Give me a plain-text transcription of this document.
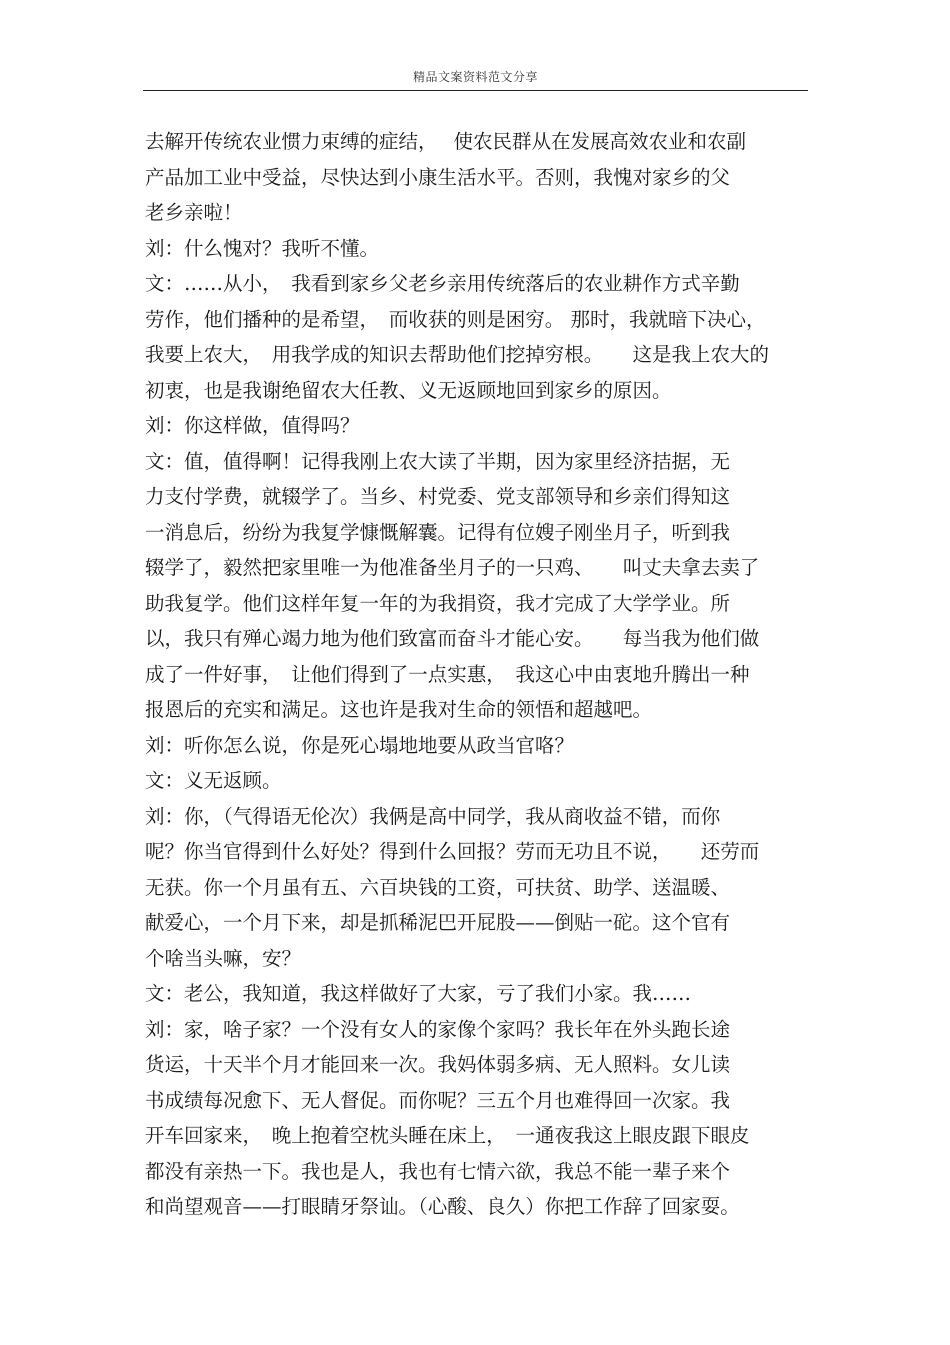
精品文案资料范文分享
去解开传统农业惯力束缚的症结，　 使农民群从在发展高效农业和农副
产品加工业中受益，尽快达到小康生活水平。否则，我愧对家乡的父
老乡亲啦！
刘：什么愧对？我听不懂。
文：……从小，　我看到家乡父老乡亲用传统落后的农业耕作方式辛勤
劳作，他们播种的是希望，　而收获的则是困穷。 那时，我就暗下决心，
我要上农大，　用我学成的知识去帮助他们挖掉穷根。　　这是我上农大的
初衷，也是我谢绝留农大任教、义无返顾地回到家乡的原因。
刘：你这样做，值得吗？
文：值，值得啊！记得我刚上农大读了半期，因为家里经济拮据，无
力支付学费，就辍学了。当乡、村党委、党支部领导和乡亲们得知这
一消息后，纷纷为我复学慷慨解囊。记得有位嫂子刚坐月子，听到我
辍学了，毅然把家里唯一为他准备坐月子的一只鸡、　　叫丈夫拿去卖了
助我复学。他们这样年复一年的为我捐资，我才完成了大学学业。所
以，我只有殚心竭力地为他们致富而奋斗才能心安。　　每当我为他们做
成了一件好事，　让他们得到了一点实惠，　我这心中由衷地升腾出一种
报恩后的充实和满足。这也许是我对生命的领悟和超越吧。
刘：听你怎么说，你是死心塌地地要从政当官咯？
文：义无返顾。
刘：你，（气得语无伦次）我俩是高中同学，我从商收益不错，而你
呢？你当官得到什么好处？得到什么回报？劳而无功且不说，　　还劳而
无获。你一个月虽有五、六百块钱的工资，可扶贫、助学、送温暖、
献爱心，一个月下来，却是抓稀泥巴开屁股——倒贴一砣。这个官有
个啥当头嘛，安？
文：老公，我知道，我这样做好了大家，亏了我们小家。我……
刘：家，啥子家？一个没有女人的家像个家吗？我长年在外头跑长途
货运，十天半个月才能回来一次。我妈体弱多病、无人照料。女儿读
书成绩每况愈下、无人督促。而你呢？三五个月也难得回一次家。我
开车回家来，　晚上抱着空枕头睡在床上，　一通夜我这上眼皮跟下眼皮
都没有亲热一下。我也是人，我也有七情六欲，我总不能一辈子来个
和尚望观音——打眼睛牙祭讪。（心酸、良久）你把工作辞了回家耍。
